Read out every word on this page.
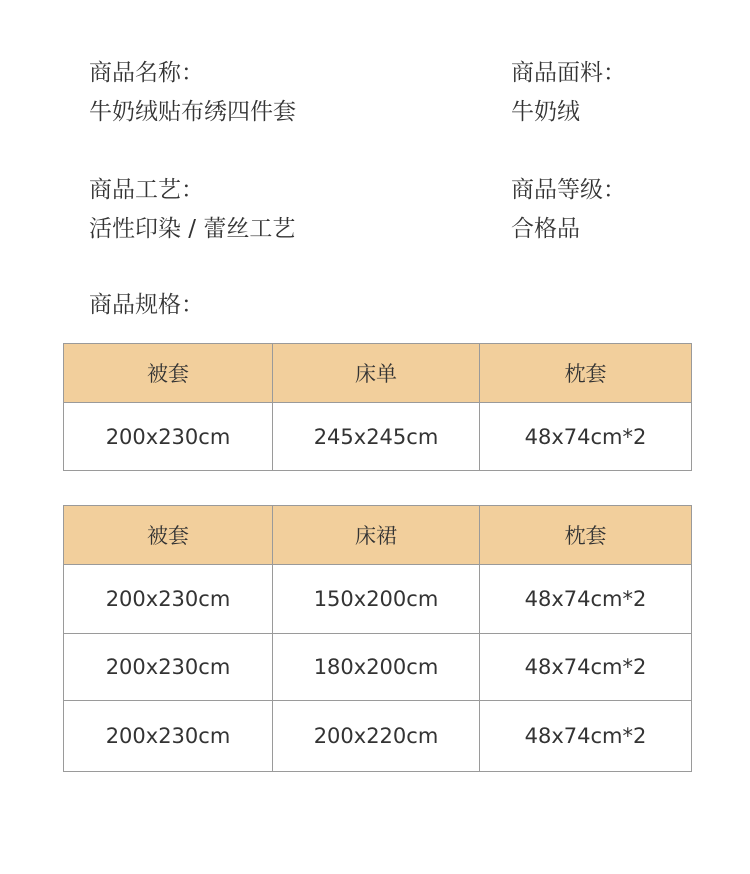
商品名称：
牛奶绒贴布绣四件套
商品面料：
牛奶绒
商品工艺：
活性印染 / 蕾丝工艺
商品等级：
合格品
商品规格：
被套	床单	枕套
200x230cm	245x245cm	48x74cm*2
被套	床裙	枕套
200x230cm	150x200cm	48x74cm*2
200x230cm	180x200cm	48x74cm*2
200x230cm	200x220cm	48x74cm*2
